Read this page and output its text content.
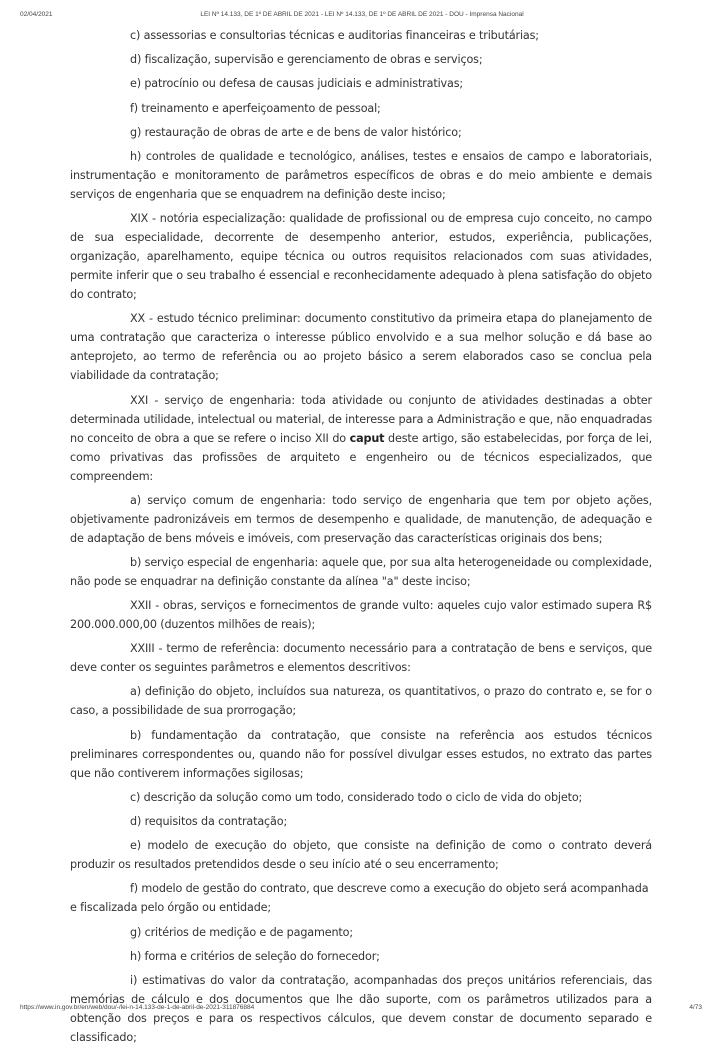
02/04/2021	LEI Nº 14.133, DE 1º DE ABRIL DE 2021 - LEI Nº 14.133, DE 1º DE ABRIL DE 2021 - DOU - Imprensa Nacional

c) assessorias e consultorias técnicas e auditorias financeiras e tributárias;

d) fiscalização, supervisão e gerenciamento de obras e serviços;

e) patrocínio ou defesa de causas judiciais e administrativas;

f) treinamento e aperfeiçoamento de pessoal;

g) restauração de obras de arte e de bens de valor histórico;

h) controles de qualidade e tecnológico, análises, testes e ensaios de campo e laboratoriais, instrumentação e monitoramento de parâmetros específicos de obras e do meio ambiente e demais serviços de engenharia que se enquadrem na definição deste inciso;

XIX - notória especialização: qualidade de profissional ou de empresa cujo conceito, no campo de sua especialidade, decorrente de desempenho anterior, estudos, experiência, publicações, organização, aparelhamento, equipe técnica ou outros requisitos relacionados com suas atividades, permite inferir que o seu trabalho é essencial e reconhecidamente adequado à plena satisfação do objeto do contrato;

XX - estudo técnico preliminar: documento constitutivo da primeira etapa do planejamento de uma contratação que caracteriza o interesse público envolvido e a sua melhor solução e dá base ao anteprojeto, ao termo de referência ou ao projeto básico a serem elaborados caso se conclua pela viabilidade da contratação;

XXI - serviço de engenharia: toda atividade ou conjunto de atividades destinadas a obter determinada utilidade, intelectual ou material, de interesse para a Administração e que, não enquadradas no conceito de obra a que se refere o inciso XII do caput deste artigo, são estabelecidas, por força de lei, como privativas das profissões de arquiteto e engenheiro ou de técnicos especializados, que compreendem:

a) serviço comum de engenharia: todo serviço de engenharia que tem por objeto ações, objetivamente padronizáveis em termos de desempenho e qualidade, de manutenção, de adequação e de adaptação de bens móveis e imóveis, com preservação das características originais dos bens;

b) serviço especial de engenharia: aquele que, por sua alta heterogeneidade ou complexidade, não pode se enquadrar na definição constante da alínea "a" deste inciso;

XXII - obras, serviços e fornecimentos de grande vulto: aqueles cujo valor estimado supera R$ 200.000.000,00 (duzentos milhões de reais);

XXIII - termo de referência: documento necessário para a contratação de bens e serviços, que deve conter os seguintes parâmetros e elementos descritivos:

a) definição do objeto, incluídos sua natureza, os quantitativos, o prazo do contrato e, se for o caso, a possibilidade de sua prorrogação;

b) fundamentação da contratação, que consiste na referência aos estudos técnicos preliminares correspondentes ou, quando não for possível divulgar esses estudos, no extrato das partes que não contiverem informações sigilosas;

c) descrição da solução como um todo, considerado todo o ciclo de vida do objeto;

d) requisitos da contratação;

e) modelo de execução do objeto, que consiste na definição de como o contrato deverá produzir os resultados pretendidos desde o seu início até o seu encerramento;

f) modelo de gestão do contrato, que descreve como a execução do objeto será acompanhada e fiscalizada pelo órgão ou entidade;

g) critérios de medição e de pagamento;

h) forma e critérios de seleção do fornecedor;

i) estimativas do valor da contratação, acompanhadas dos preços unitários referenciais, das memórias de cálculo e dos documentos que lhe dão suporte, com os parâmetros utilizados para a obtenção dos preços e para os respectivos cálculos, que devem constar de documento separado e classificado;

https://www.in.gov.br/en/web/dou/-/lei-n-14.133-de-1-de-abril-de-2021-311876884	4/73
